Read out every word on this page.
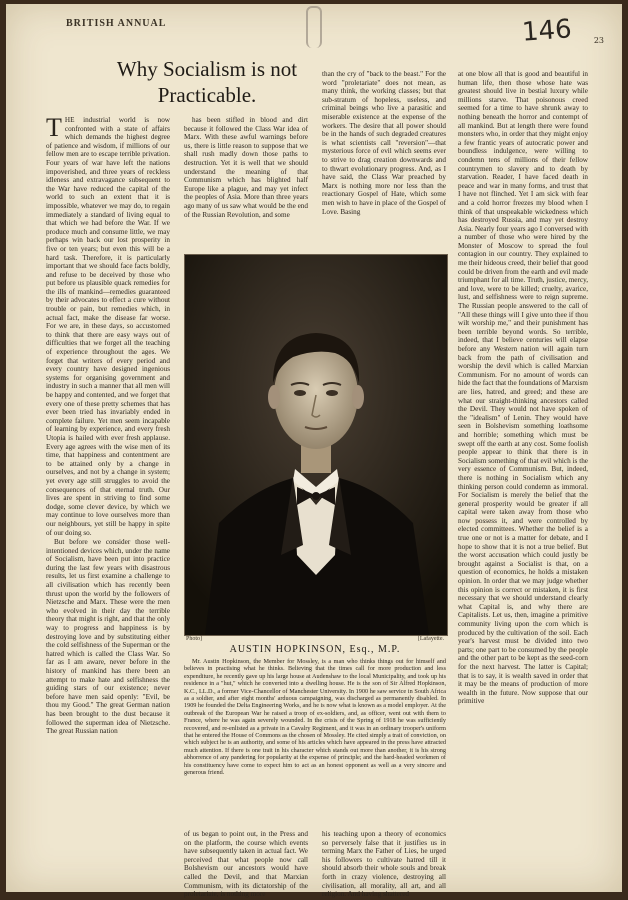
BRITISH ANNUAL	146	23
Why Socialism is not Practicable.

THE industrial world is now confronted with a state of affairs which demands the highest degree of patience and wisdom, if millions of our fellow men are to escape terrible privation. Four years of war have left the nations impoverished, and three years of reckless idleness and extravagance subsequent to the War have reduced the capital of the world to such an extent that it is impossible, whatever we may do, to regain immediately a standard of living equal to that which we had before the War. If we produce much and consume little, we may perhaps win back our lost prosperity in five or ten years; but even this will be a hard task. Therefore, it is particularly important that we should face facts boldly, and refuse to be deceived by those who put before us plausible quack remedies for the ills of mankind—remedies guaranteed by their advocates to effect a cure without trouble or pain, but remedies which, in actual fact, make the disease far worse. For we are, in these days, so accustomed to think that there are easy ways out of difficulties that we forget all the teaching of experience throughout the ages. We forget that writers of every period and every country have designed ingenious systems for organising government and industry in such a manner that all men will be happy and contented, and we forget that every one of these pretty schemes that has ever been tried has invariably ended in complete failure. Yet men seem incapable of learning by experience, and every fresh Utopia is hailed with ever fresh applause. Every age agrees with the wise men of its time, that happiness and contentment are to be attained only by a change in ourselves, and not by a change in system; yet every age still struggles to avoid the consequences of that eternal truth. Our lives are spent in striving to find some dodge, some clever device, by which we may continue to love ourselves more than our neighbours, yet still be happy in spite of our doing so.

But before we consider those well-intentioned devices which, under the name of Socialism, have been put into practice during the last few years with disastrous results, let us first examine a challenge to all civilisation which has recently been thrust upon the world by the followers of Nietzsche and Marx. These were the men who evolved in their day the terrible theory that might is right, and that the only way to progress and happiness is by destroying love and by substituting either the cold selfishness of the Superman or the hatred which is called the Class War. So far as I am aware, never before in the history of mankind has there been an attempt to make hate and selfishness the guiding stars of our existence; never before have men said openly: "Evil, be thou my Good." The great German nation has been brought to the dust because it followed the superman idea of Nietzsche. The great Russian nation

has been stifled in blood and dirt because it followed the Class War idea of Marx. With these awful warnings before us, there is little reason to suppose that we shall rush madly down those paths to destruction. Yet it is well that we should understand the meaning of that Communism which has blighted half Europe like a plague, and may yet infect the peoples of Asia. More than three years ago many of us saw what would be the end of the Russian Revolution, and some

than the cry of "back to the beast." For the word "proletariate" does not mean, as many think, the working classes; but that sub-stratum of hopeless, useless, and criminal beings who live a parasitic and miserable existence at the expense of the workers. The desire that all power should be in the hands of such degraded creatures is what scientists call "reversion"—that mysterious force of evil which seems ever to strive to drag creation downwards and to thwart evolutionary progress. And, as I have said, the Class War preached by Marx is nothing more nor less than the reactionary Gospel of Hate, which some men wish to have in place of the Gospel of Love. Basing

at one blow all that is good and beautiful in human life, then those whose hate was greatest should live in bestial luxury while millions starve. That poisonous creed seemed for a time to have shrunk away to nothing beneath the horror and contempt of all mankind. But at length there were found monsters who, in order that they might enjoy a few frantic years of autocratic power and boundless indulgence, were willing to condemn tens of millions of their fellow countrymen to slavery and to death by starvation. Reader, I have faced death in peace and war in many forms, and trust that I have not flinched. Yet I am sick with fear and a cold horror freezes my blood when I think of that unspeakable wickedness which has destroyed Russia, and may yet destroy Asia. Nearly four years ago I conversed with a number of those who were hired by the Monster of Moscow to spread the foul contagion in our country. They explained to me their hideous creed, their belief that good could be driven from the earth and evil made triumphant for all time. Truth, justice, mercy, and love, were to be killed; cruelty, avarice, lust, and selfishness were to reign supreme. The Russian people answered to the call of "All these things will I give unto thee if thou wilt worship me," and their punishment has been terrible beyond words. So terrible, indeed, that I believe centuries will elapse before any Western nation will again turn back from the path of civilisation and worship the devil which is called Marxian Communism. For no amount of words can hide the fact that the foundations of Marxism are lies, hatred, and greed; and these are what our straight-thinking ancestors called the Devil. They would not have spoken of the "idealism" of Lenin. They would have seen in Bolshevism something loathsome and horrible; something which must be swept off the earth at any cost. Some foolish people appear to think that there is in Socialism something of that evil which is the very essence of Communism. But, indeed, there is nothing in Socialism which any thinking person could condemn as immoral. For Socialism is merely the belief that the general prosperity would be greater if all capital were taken away from those who now possess it, and were controlled by elected committees. Whether the belief is a true one or not is a matter for debate, and I hope to show that it is not a true belief. But the worst accusation which could justly be brought against a Socialist is that, on a question of economics, he holds a mistaken opinion. In order that we may judge whether this opinion is correct or mistaken, it is first necessary that we should understand clearly what Capital is, and why there are Capitalists. Let us, then, imagine a primitive community living upon the corn which is produced by the cultivation of the soil. Each year's harvest must be divided into two parts; one part to be consumed by the people and the other part to be kept as the seed-corn for the next harvest. The latter is Capital; that is to say, it is wealth saved in order that it may be the means of production of more wealth in the future. Now suppose that our primitive

Photo]	[Lafayette.
AUSTIN HOPKINSON, Esq., M.P.

Mr. Austin Hopkinson, the Member for Mossley, is a man who thinks things out for himself and believes in practising what he thinks. Believing that the times call for more production and less expenditure, he recently gave up his large house at Audenshaw to the local Municipality, and took up his residence in a "hut," which he converted into a dwelling house. He is the son of Sir Alfred Hopkinson, K.C., LL.D., a former Vice-Chancellor of Manchester University. In 1900 he saw service in South Africa as a soldier, and after eight months' arduous campaigning, was discharged as permanently disabled. In 1909 he founded the Delta Engineering Works, and he is now what is known as a model employer. At the outbreak of the European War he raised a troop of ex-soldiers, and, as officer, went out with them to France, where he was again severely wounded. In the crisis of the Spring of 1918 he was sufficiently recovered, and re-enlisted as a private in a Cavalry Regiment, and it was in an ordinary trooper's uniform that he entered the House of Commons as the chosen of Mossley. He cited simply a trait of conviction, on which subject he is an authority, and some of his articles which have appeared in the press have attracted much attention. If there is one trait in his character which stands out more than another, it is his strong abhorrence of any pandering for popularity at the expense of principle; and the hard-headed workmen of his constituency have come to expect him to act as an honest opponent as well as a very sincere and generous friend.

of us began to point out, in the Press and on the platform, the course which events have subsequently taken in actual fact. We perceived that what people now call Bolshevism our ancestors would have called the Devil, and that Marxian Communism, with its dictatorship of the proletariate, is nothing more

his teaching upon a theory of economics so perversely false that it justifies us in terming Marx the Father of Lies, he urged his followers to cultivate hatred till it should absorb their whole souls and break forth in crazy violence, destroying all civilisation, all morality, all art, and all religion. And having shattered
